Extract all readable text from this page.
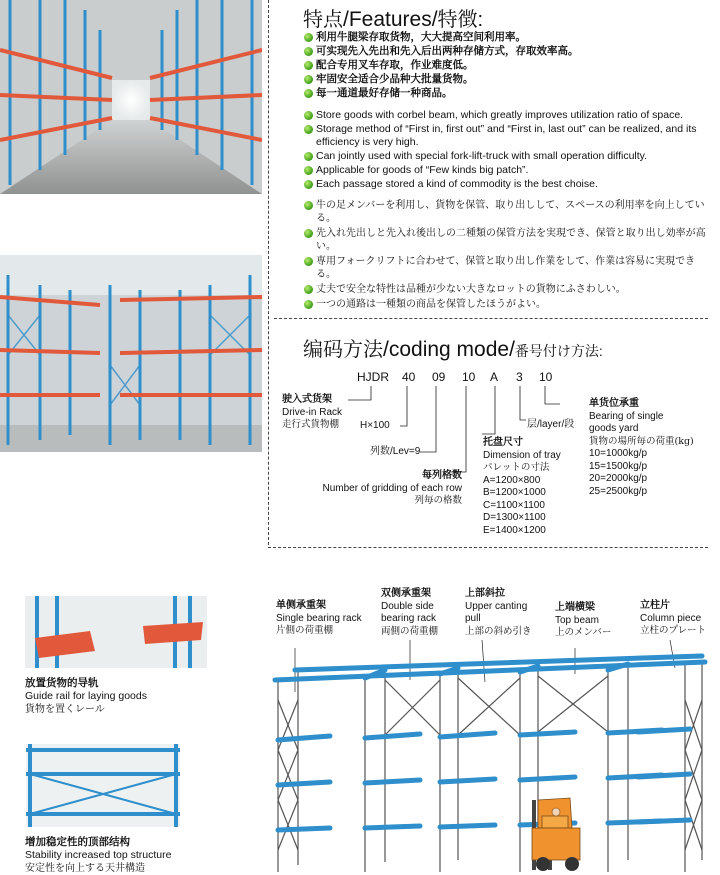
放置货物的导轨
Guide rail for laying goods
貨物を置くレール
增加稳定性的顶部结构
Stability increased top structure
安定性を向上する天井構造
特点/Features/特徴:
利用牛腿梁存取货物，大大提高空间利用率。
可实现先入先出和先入后出两种存储方式，存取效率高。
配合专用叉车存取，作业难度低。
牢固安全适合少品种大批量货物。
每一通道最好存储一种商品。
Store goods with corbel beam, which greatly improves utilization ratio of space.
Storage method of “First in, first out” and “First in, last out” can be realized, and its efficiency is very high.
Can jointly used with special fork-lift-truck with small operation difficulty.
Applicable for goods of “Few kinds big patch”.
Each passage stored a kind of commodity is the best choise.
牛の足メンバーを利用し、貨物を保管、取り出しして、スペースの利用率を向上している。
先入れ先出しと先入れ後出しの二種類の保管方法を実現でき、保管と取り出し効率が高い。
専用フォークリフトに合わせて、保管と取り出し作業をして、作業は容易に実現できる。
丈夫で安全な特性は品種が少ない大きなロットの貨物にふさわしい。
一つの通路は一種類の商品を保管したほうがよい。
编码方法/coding mode/番号付け方法:
HJDR 40 09 10 A 3 10
驶入式货架
Drive-in Rack
走行式貨物棚	H×100
列数/Lev=9
每列格数
Number of gridding of each row
列毎の格数
托盘尺寸
Dimension of tray
パレットの寸法
A=1200×800
B=1200×1000
C=1100×1100
D=1300×1100
E=1400×1200
层/layer/段
单货位承重
Bearing of single
goods yard
貨物の場所毎の荷重(kg)
10=1000kg/p
15=1500kg/p
20=2000kg/p
25=2500kg/p
单侧承重架
Single bearing rack
片側の荷重棚
双侧承重架
Double side
bearing rack
両側の荷重棚
上部斜拉
Upper canting
pull
上部の斜め引き
上端横梁
Top beam
上のメンバー
立柱片
Column piece
立柱のプレート
